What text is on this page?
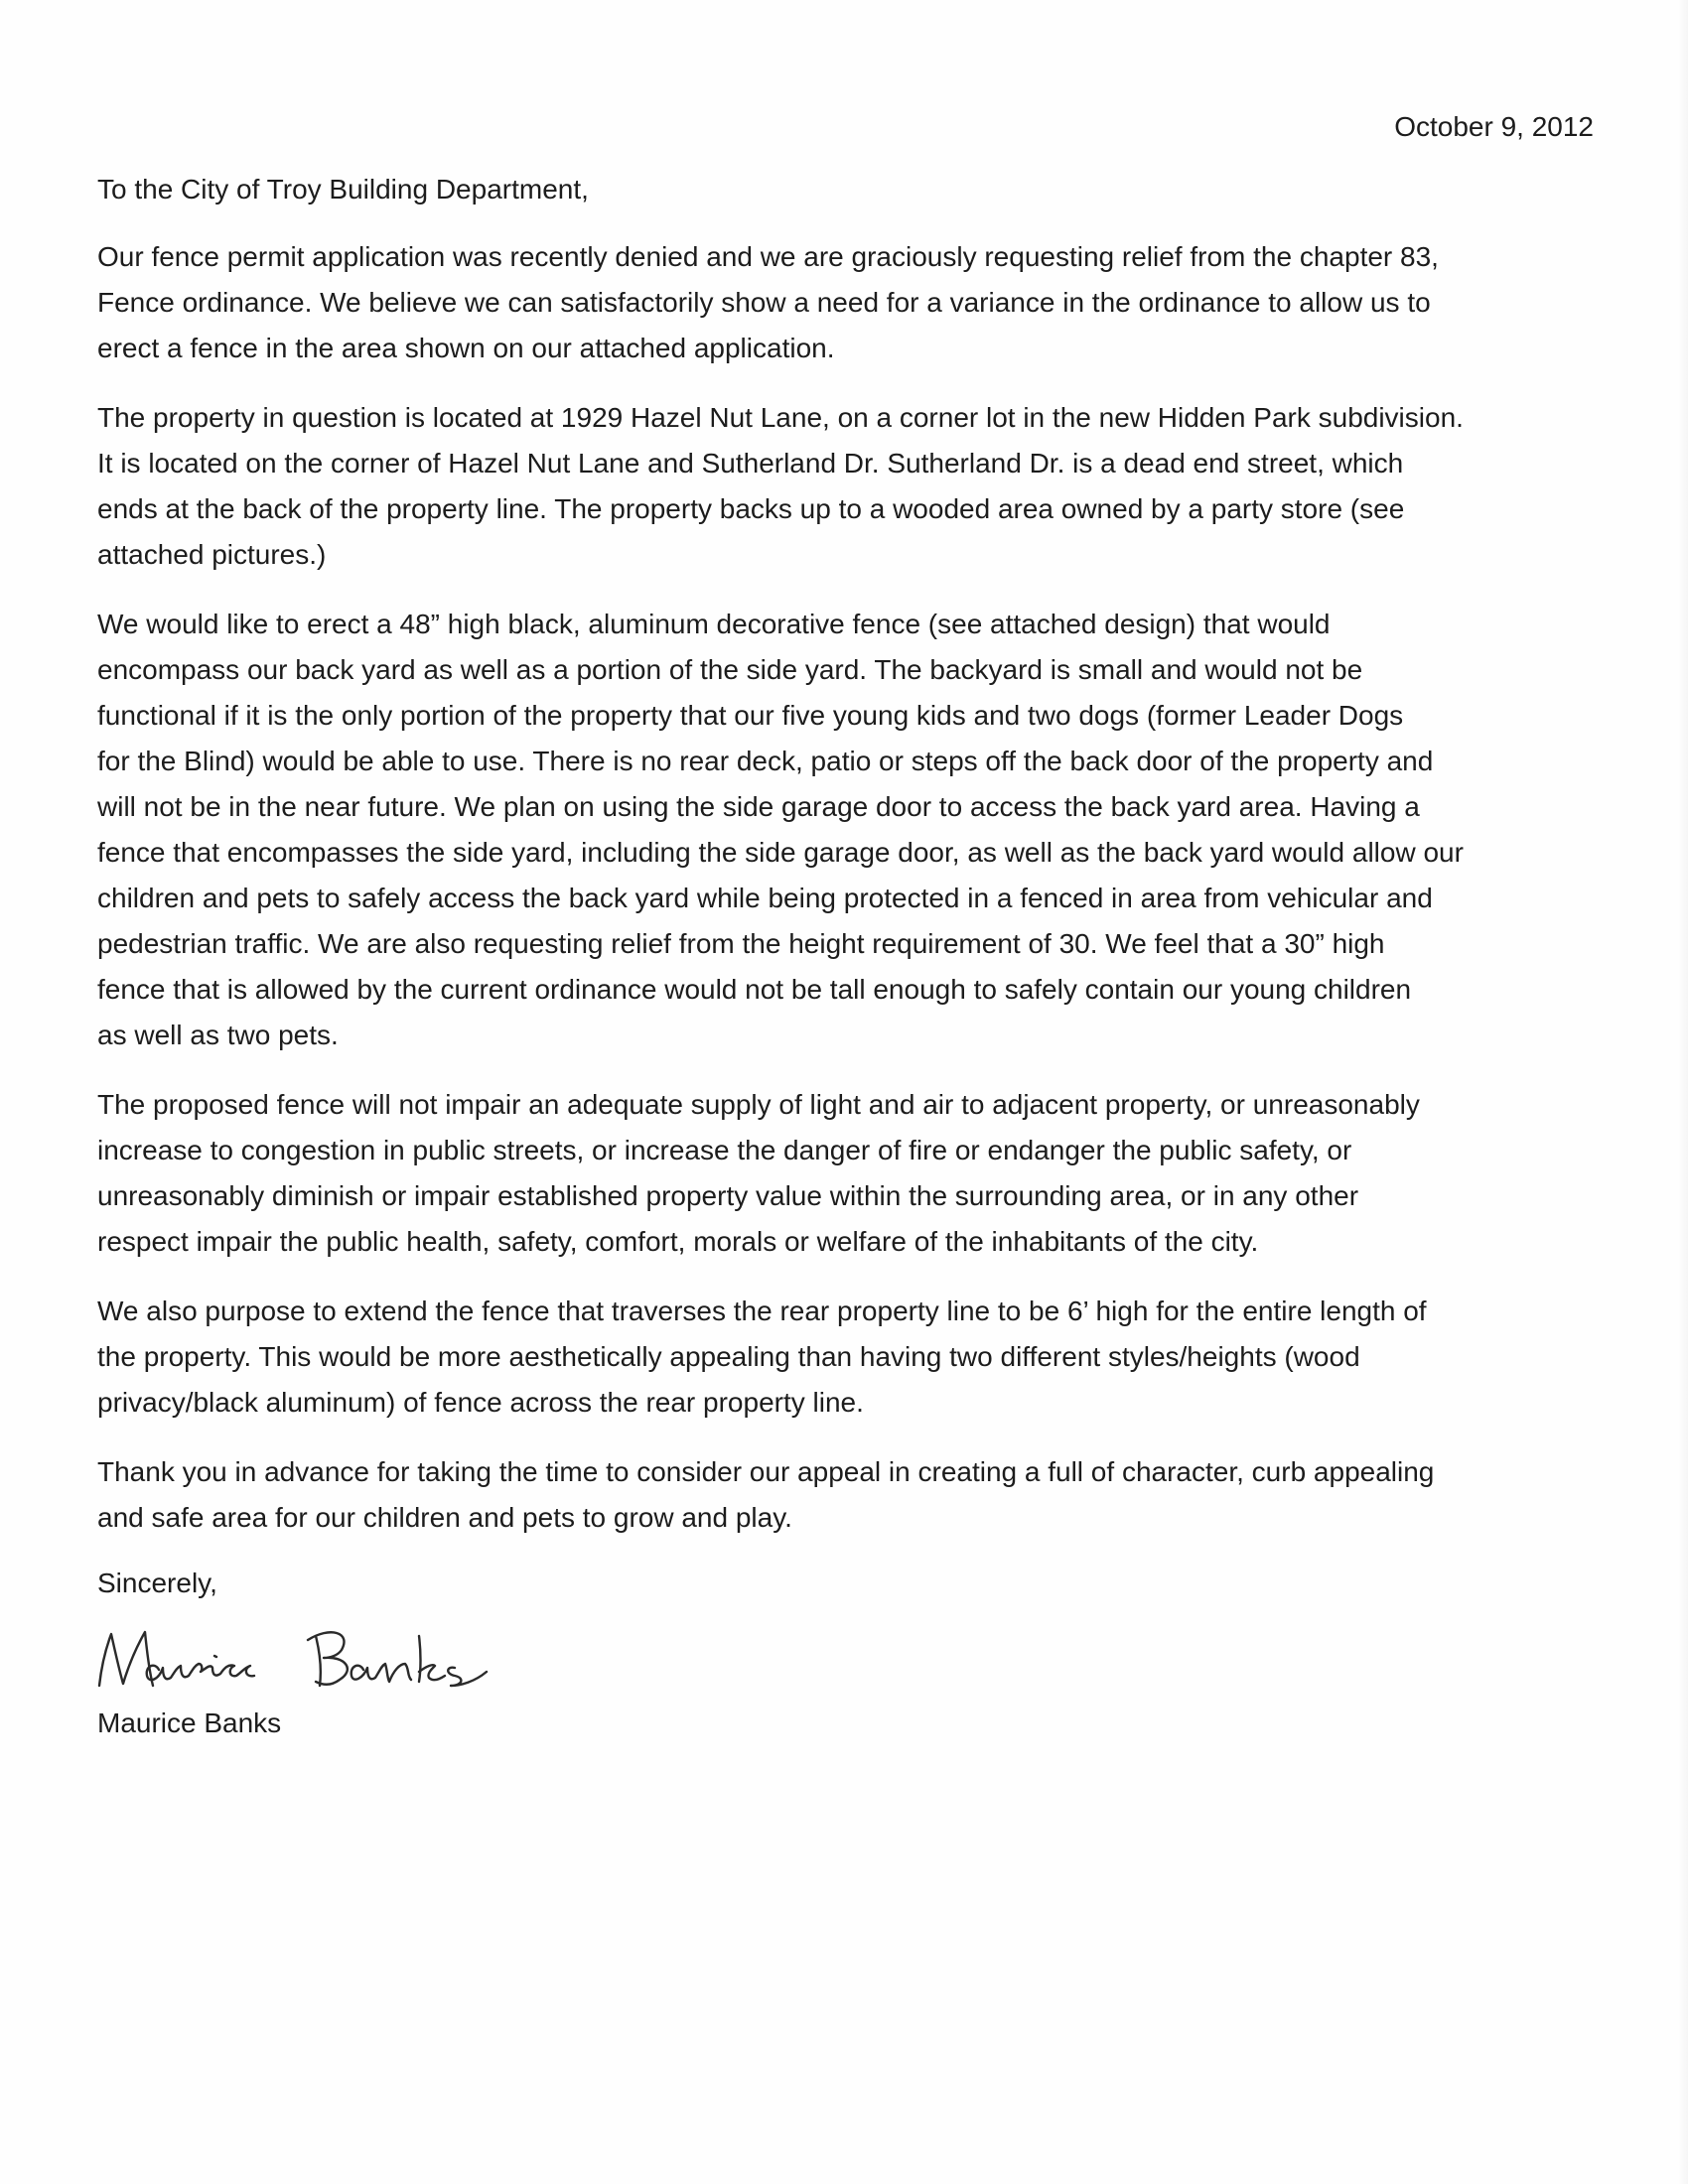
October 9, 2012
To the City of Troy Building Department,
Our fence permit application was recently denied and we are graciously requesting relief from the chapter 83,
Fence ordinance. We believe we can satisfactorily show a need for a variance in the ordinance to allow us to
erect a fence in the area shown on our attached application.
The property in question is located at 1929 Hazel Nut Lane, on a corner lot in the new Hidden Park subdivision.
It is located on the corner of Hazel Nut Lane and Sutherland Dr. Sutherland Dr. is a dead end street, which
ends at the back of the property line. The property backs up to a wooded area owned by a party store (see
attached pictures.)
We would like to erect a 48” high black, aluminum decorative fence (see attached design) that would
encompass our back yard as well as a portion of the side yard. The backyard is small and would not be
functional if it is the only portion of the property that our five young kids and two dogs (former Leader Dogs
for the Blind) would be able to use. There is no rear deck, patio or steps off the back door of the property and
will not be in the near future. We plan on using the side garage door to access the back yard area. Having a
fence that encompasses the side yard, including the side garage door, as well as the back yard would allow our
children and pets to safely access the back yard while being protected in a fenced in area from vehicular and
pedestrian traffic. We are also requesting relief from the height requirement of 30. We feel that a 30” high
fence that is allowed by the current ordinance would not be tall enough to safely contain our young children
as well as two pets.
The proposed fence will not impair an adequate supply of light and air to adjacent property, or unreasonably
increase to congestion in public streets, or increase the danger of fire or endanger the public safety, or
unreasonably diminish or impair established property value within the surrounding area, or in any other
respect impair the public health, safety, comfort, morals or welfare of the inhabitants of the city.
We also purpose to extend the fence that traverses the rear property line to be 6’ high for the entire length of
the property. This would be more aesthetically appealing than having two different styles/heights (wood
privacy/black aluminum) of fence across the rear property line.
Thank you in advance for taking the time to consider our appeal in creating a full of character, curb appealing
and safe area for our children and pets to grow and play.
Sincerely,
Maurice Banks
